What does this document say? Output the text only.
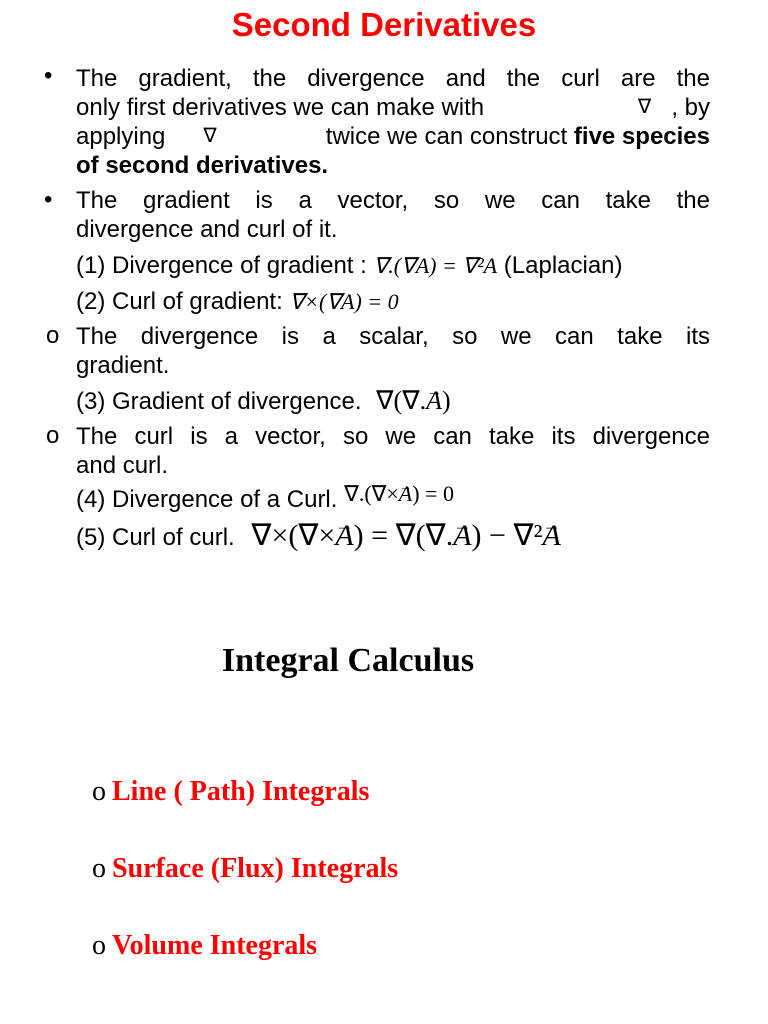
Second Derivatives
• The gradient, the divergence and the curl are the
only first derivatives we can make with	∇ , by
applying ∇	twice we can construct five species
of second derivatives.
• The gradient is a vector, so we can take the
divergence and curl of it.
(1) Divergence of gradient : ∇.(∇A) = ∇²A (Laplacian)
(2) Curl of gradient: ∇×(∇A) = 0
o The divergence is a scalar, so we can take its
gradient.
(3) Gradient of divergence. ∇(∇.→ A)
o The curl is a vector, so we can take its divergence
and curl.
(4) Divergence of a Curl. ∇.(∇×→ A) = 0
(5) Curl of curl. ∇×(∇×→ A) = ∇(∇.→ A) − ∇²→ A
Integral Calculus
o Line ( Path) Integrals
o Surface (Flux) Integrals
o Volume Integrals
